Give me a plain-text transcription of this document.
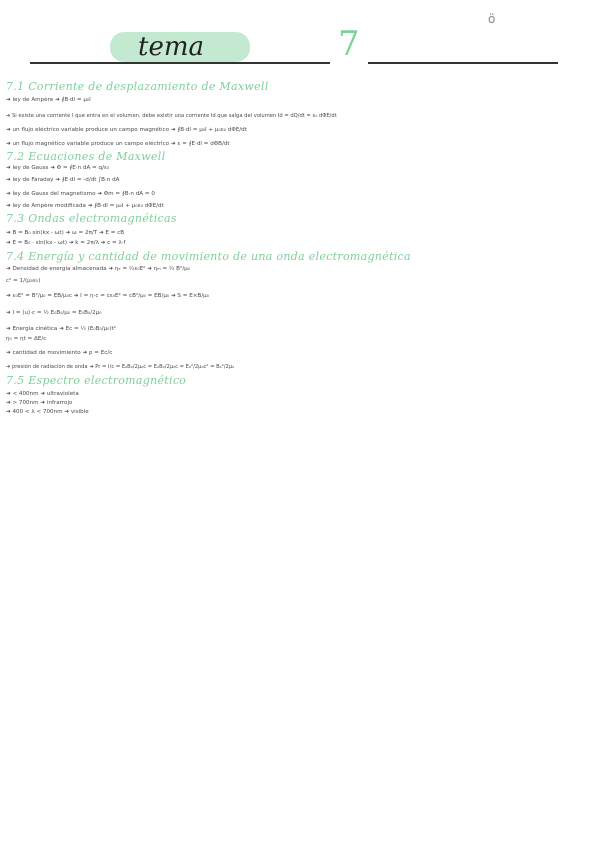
tema	7
ö
7.1 Corriente de desplazamiento de Maxwell
➜ ley de Ampère ➜ ∮B·dl = μ₀I
➜ Si existe una corriente I que entra en el volumen, debe existir una corriente Id que salga del volumen Id = dQ/dt = ε₀ dΦE/dt
➜ un flujo eléctrico variable produce un campo magnético ➜ ∮B·dl = μ₀I + μ₀ε₀ dΦE/dt
➜ un flujo magnético variable produce un campo eléctrico ➜ ε = ∮E·dl = dΦB/dt
7.2 Ecuaciones de Maxwell
➜ ley de Gauss ➜ Φ = ∮E·n dA = q/ε₀
➜ ley de Faraday ➜ ∮E·dl = -d/dt ∫B·n dA
➜ ley de Gauss del magnetismo ➜ Φm = ∮B·n dA = 0
➜ ley de Ampère modificada ➜ ∮B·dl = μ₀I + μ₀ε₀ dΦE/dt
7.3 Ondas electromagnéticas
➜ B = B₀ sin(kx - ωt) ➜ ω = 2π/T ➜ E = cB
➜ E = B₀ · sin(kx - ωt) ➜ k = 2π/λ ➜ c = λ·f
7.4 Energía y cantidad de movimiento de una onda electromagnética
➜ Densidad de energía almacenada ➜ ηₑ = ½ε₀E² ➜ ηₘ = ½ B²/μ₀
c² = 1/(μ₀ε₀)
➜ ε₀E² = B²/μ₀ = EB/μ₀c ➜ I = η·c = cε₀E² = cB²/μ₀ = EB/μ₀ ➜ S = E×B/μ₀
➜ I = ⟨u⟩·c = ½ E₀B₀/μ₀ = E₀B₀/2μ₀
➜ Energía cinética ➜ Ec = ½ (E₀B₀/μ₀)t²
η₀ = ηt = ΔE/c
➜ cantidad de movimiento ➜ p = Ec/c
➜ presión de radiación de onda ➜ Pr = I/c = E₀B₀/2μ₀c = E₀B₀/2μ₀c = E₀²/2μ₀c² = B₀²/2μ₀
7.5 Espectro electromagnético
➜ < 400nm ➜ ultravioleta
➜ > 700nm ➜ infrarrojo
➜ 400 < λ < 700nm ➜ visible
